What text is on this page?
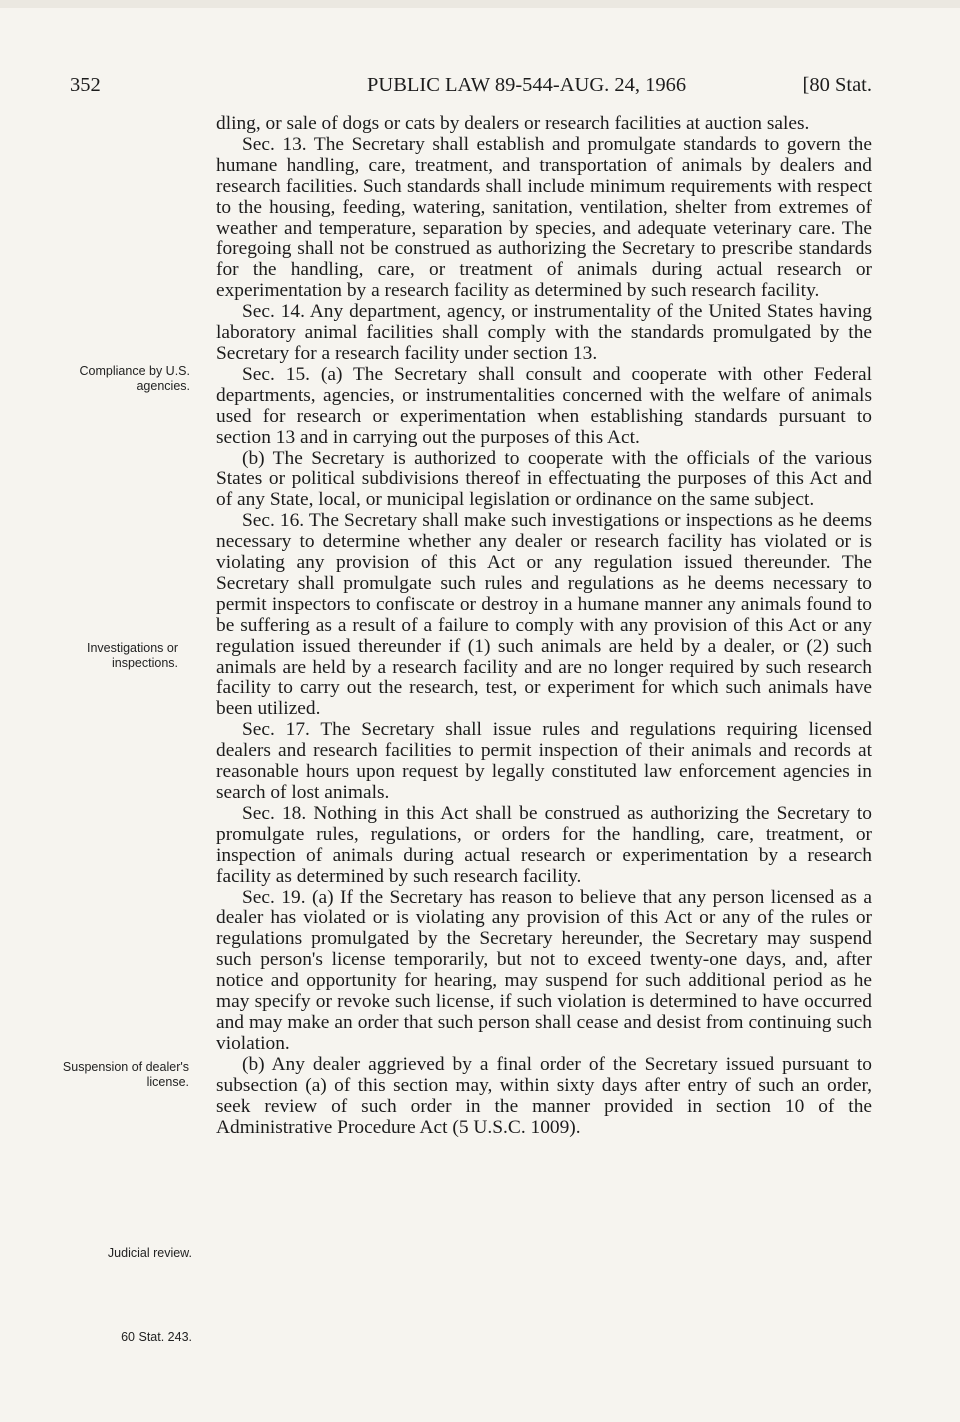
352	PUBLIC LAW 89-544-AUG. 24, 1966	[80 Stat.
Compliance by U.S. agencies.
Investigations or inspections.
Suspension of dealer's license.
Judicial review.
60 Stat. 243.

dling, or sale of dogs or cats by dealers or research facilities at auction sales.

Sec. 13. The Secretary shall establish and promulgate standards to govern the humane handling, care, treatment, and transportation of animals by dealers and research facilities. Such standards shall include minimum requirements with respect to the housing, feeding, watering, sanitation, ventilation, shelter from extremes of weather and temperature, separation by species, and adequate veterinary care. The foregoing shall not be construed as authorizing the Secretary to prescribe standards for the handling, care, or treatment of animals during actual research or experimentation by a research facility as determined by such research facility.

Sec. 14. Any department, agency, or instrumentality of the United States having laboratory animal facilities shall comply with the standards promulgated by the Secretary for a research facility under section 13.

Sec. 15. (a) The Secretary shall consult and cooperate with other Federal departments, agencies, or instrumentalities concerned with the welfare of animals used for research or experimentation when establishing standards pursuant to section 13 and in carrying out the purposes of this Act.

(b) The Secretary is authorized to cooperate with the officials of the various States or political subdivisions thereof in effectuating the purposes of this Act and of any State, local, or municipal legislation or ordinance on the same subject.

Sec. 16. The Secretary shall make such investigations or inspections as he deems necessary to determine whether any dealer or research facility has violated or is violating any provision of this Act or any regulation issued thereunder. The Secretary shall promulgate such rules and regulations as he deems necessary to permit inspectors to confiscate or destroy in a humane manner any animals found to be suffering as a result of a failure to comply with any provision of this Act or any regulation issued thereunder if (1) such animals are held by a dealer, or (2) such animals are held by a research facility and are no longer required by such research facility to carry out the research, test, or experiment for which such animals have been utilized.

Sec. 17. The Secretary shall issue rules and regulations requiring licensed dealers and research facilities to permit inspection of their animals and records at reasonable hours upon request by legally constituted law enforcement agencies in search of lost animals.

Sec. 18. Nothing in this Act shall be construed as authorizing the Secretary to promulgate rules, regulations, or orders for the handling, care, treatment, or inspection of animals during actual research or experimentation by a research facility as determined by such research facility.

Sec. 19. (a) If the Secretary has reason to believe that any person licensed as a dealer has violated or is violating any provision of this Act or any of the rules or regulations promulgated by the Secretary hereunder, the Secretary may suspend such person's license temporarily, but not to exceed twenty-one days, and, after notice and opportunity for hearing, may suspend for such additional period as he may specify or revoke such license, if such violation is determined to have occurred and may make an order that such person shall cease and desist from continuing such violation.

(b) Any dealer aggrieved by a final order of the Secretary issued pursuant to subsection (a) of this section may, within sixty days after entry of such an order, seek review of such order in the manner provided in section 10 of the Administrative Procedure Act (5 U.S.C. 1009).
